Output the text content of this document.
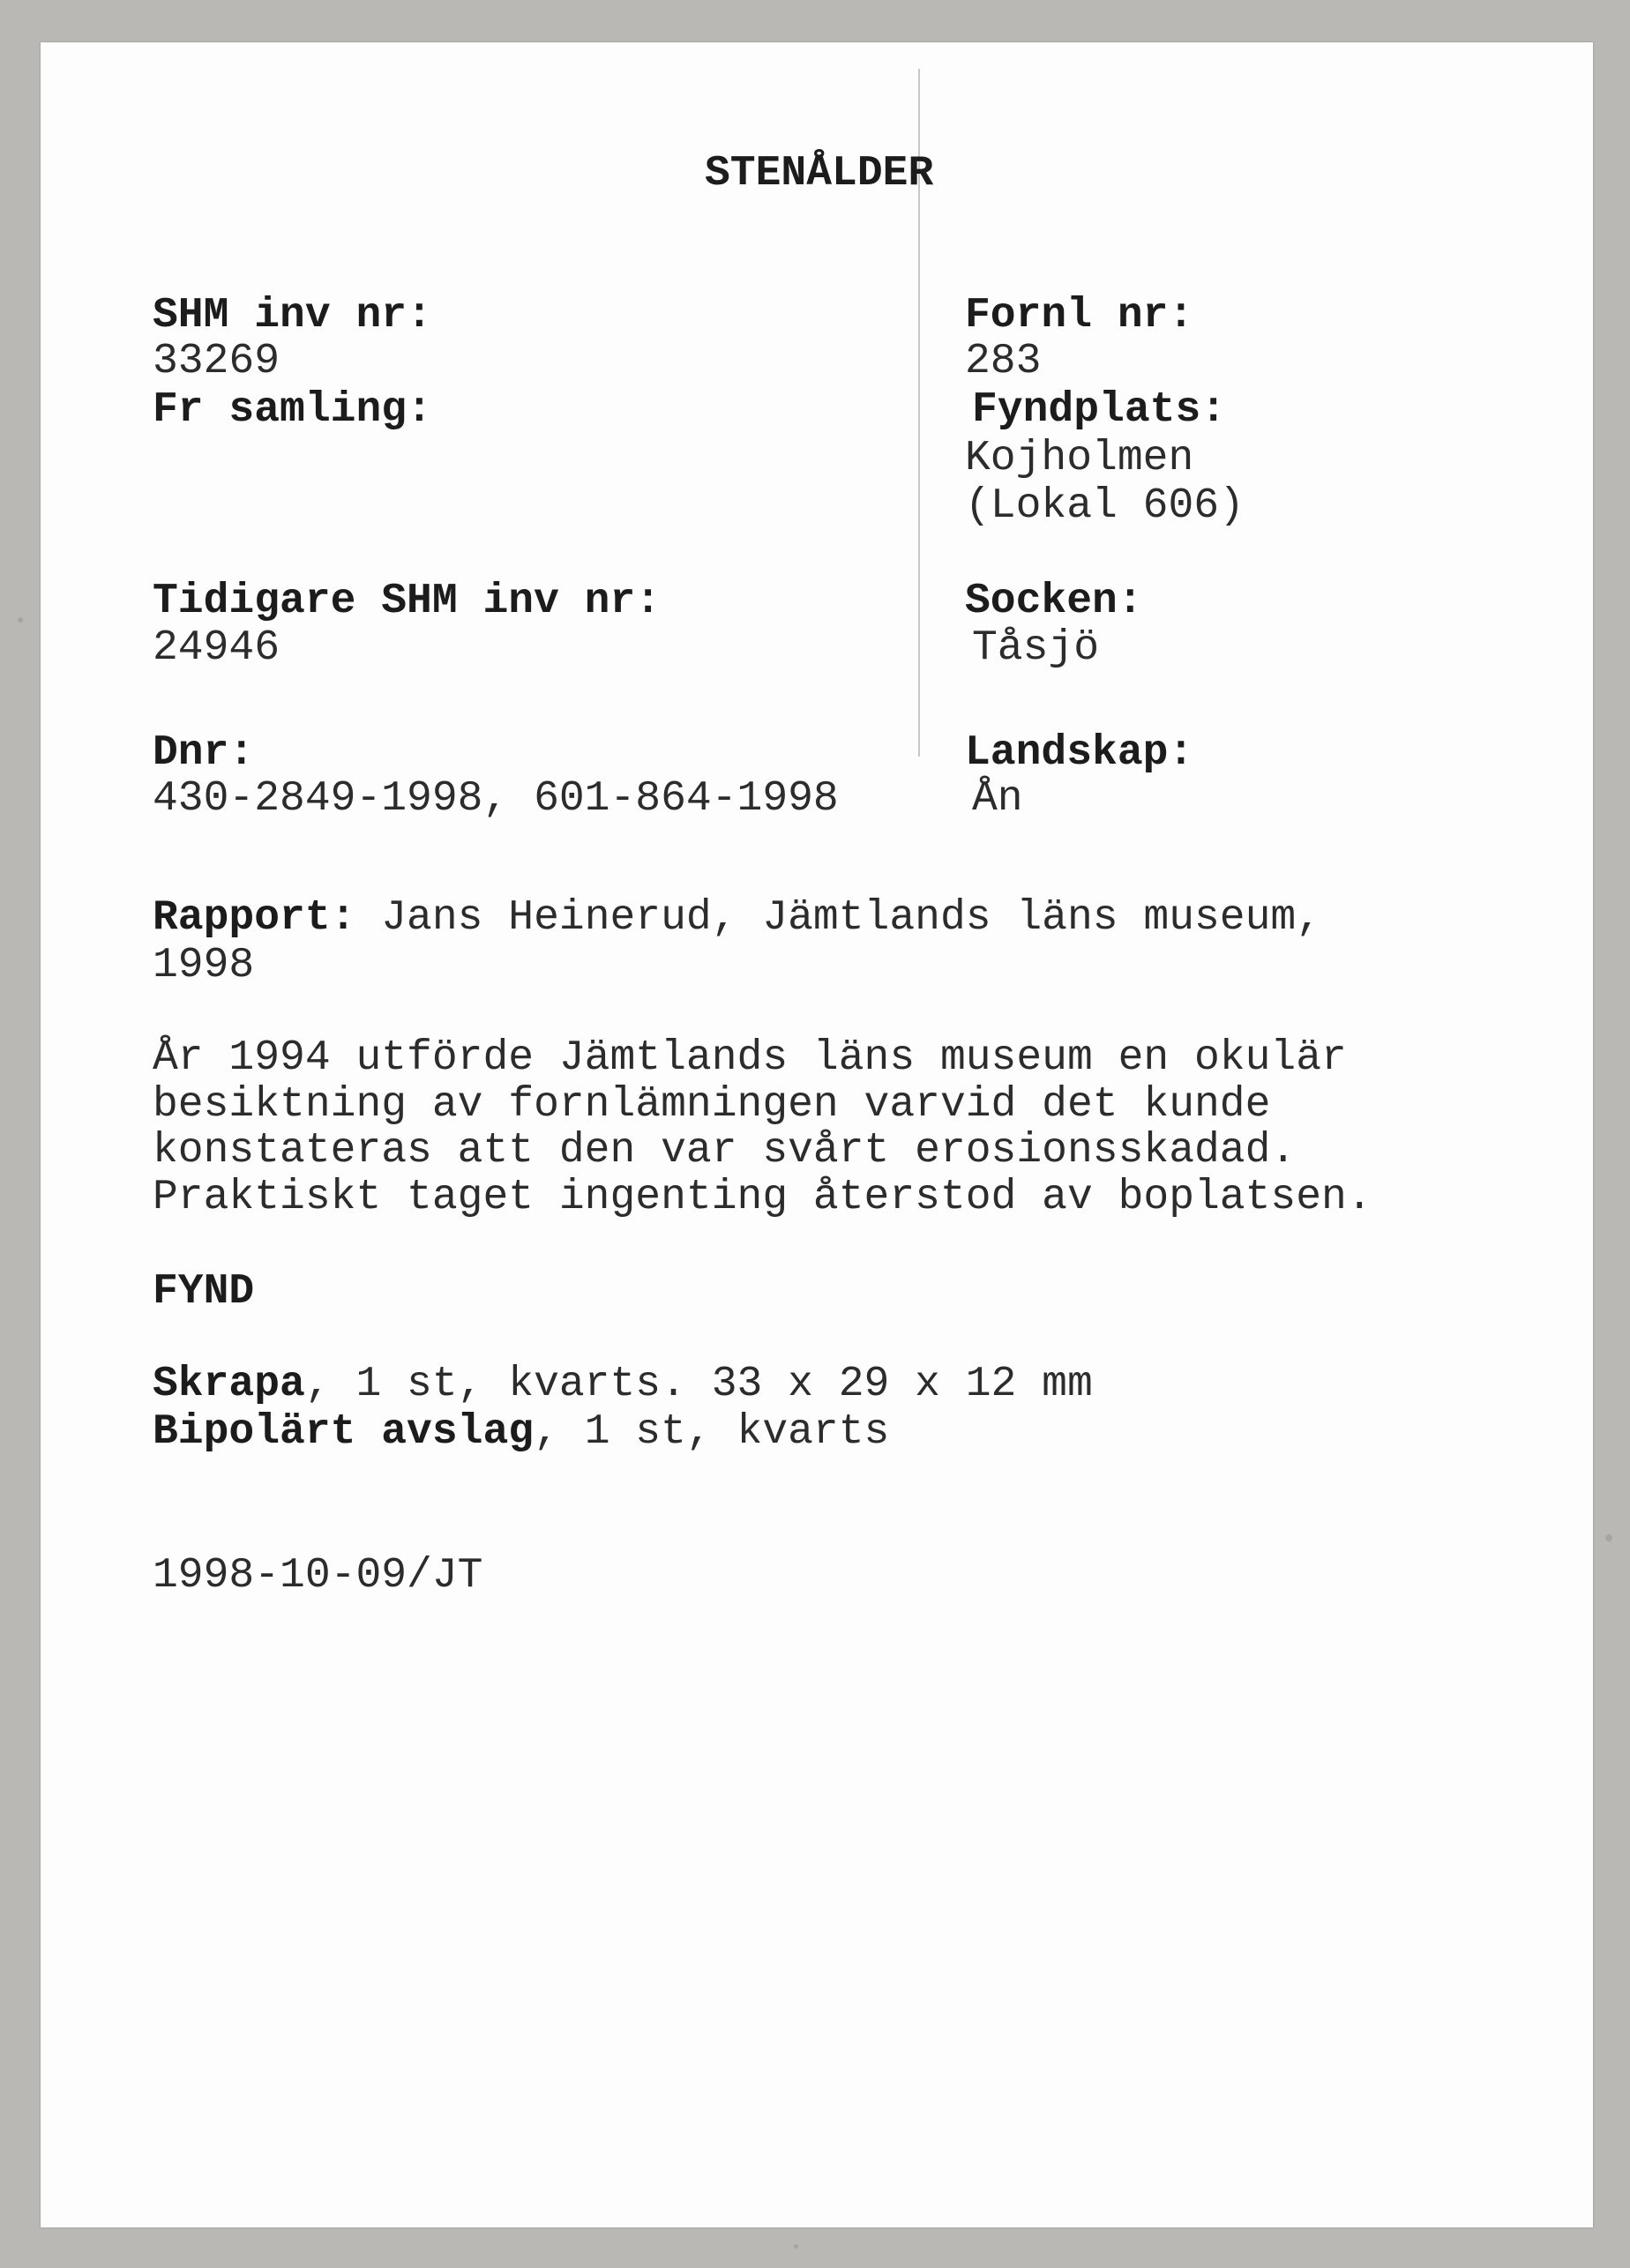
STENÅLDER
SHM inv nr:
33269
Fr samling:
Tidigare SHM inv nr:
24946
Dnr:
430-2849-1998, 601-864-1998
Fornl nr:
283
Fyndplats:
Kojholmen
(Lokal 606)
Socken:
Tåsjö
Landskap:
Ån
Rapport: Jans Heinerud, Jämtlands läns museum,
1998
År 1994 utförde Jämtlands läns museum en okulär
besiktning av fornlämningen varvid det kunde
konstateras att den var svårt erosionsskadad.
Praktiskt taget ingenting återstod av boplatsen.
FYND
Skrapa, 1 st, kvarts. 33 x 29 x 12 mm
Bipolärt avslag, 1 st, kvarts
1998-10-09/JT
